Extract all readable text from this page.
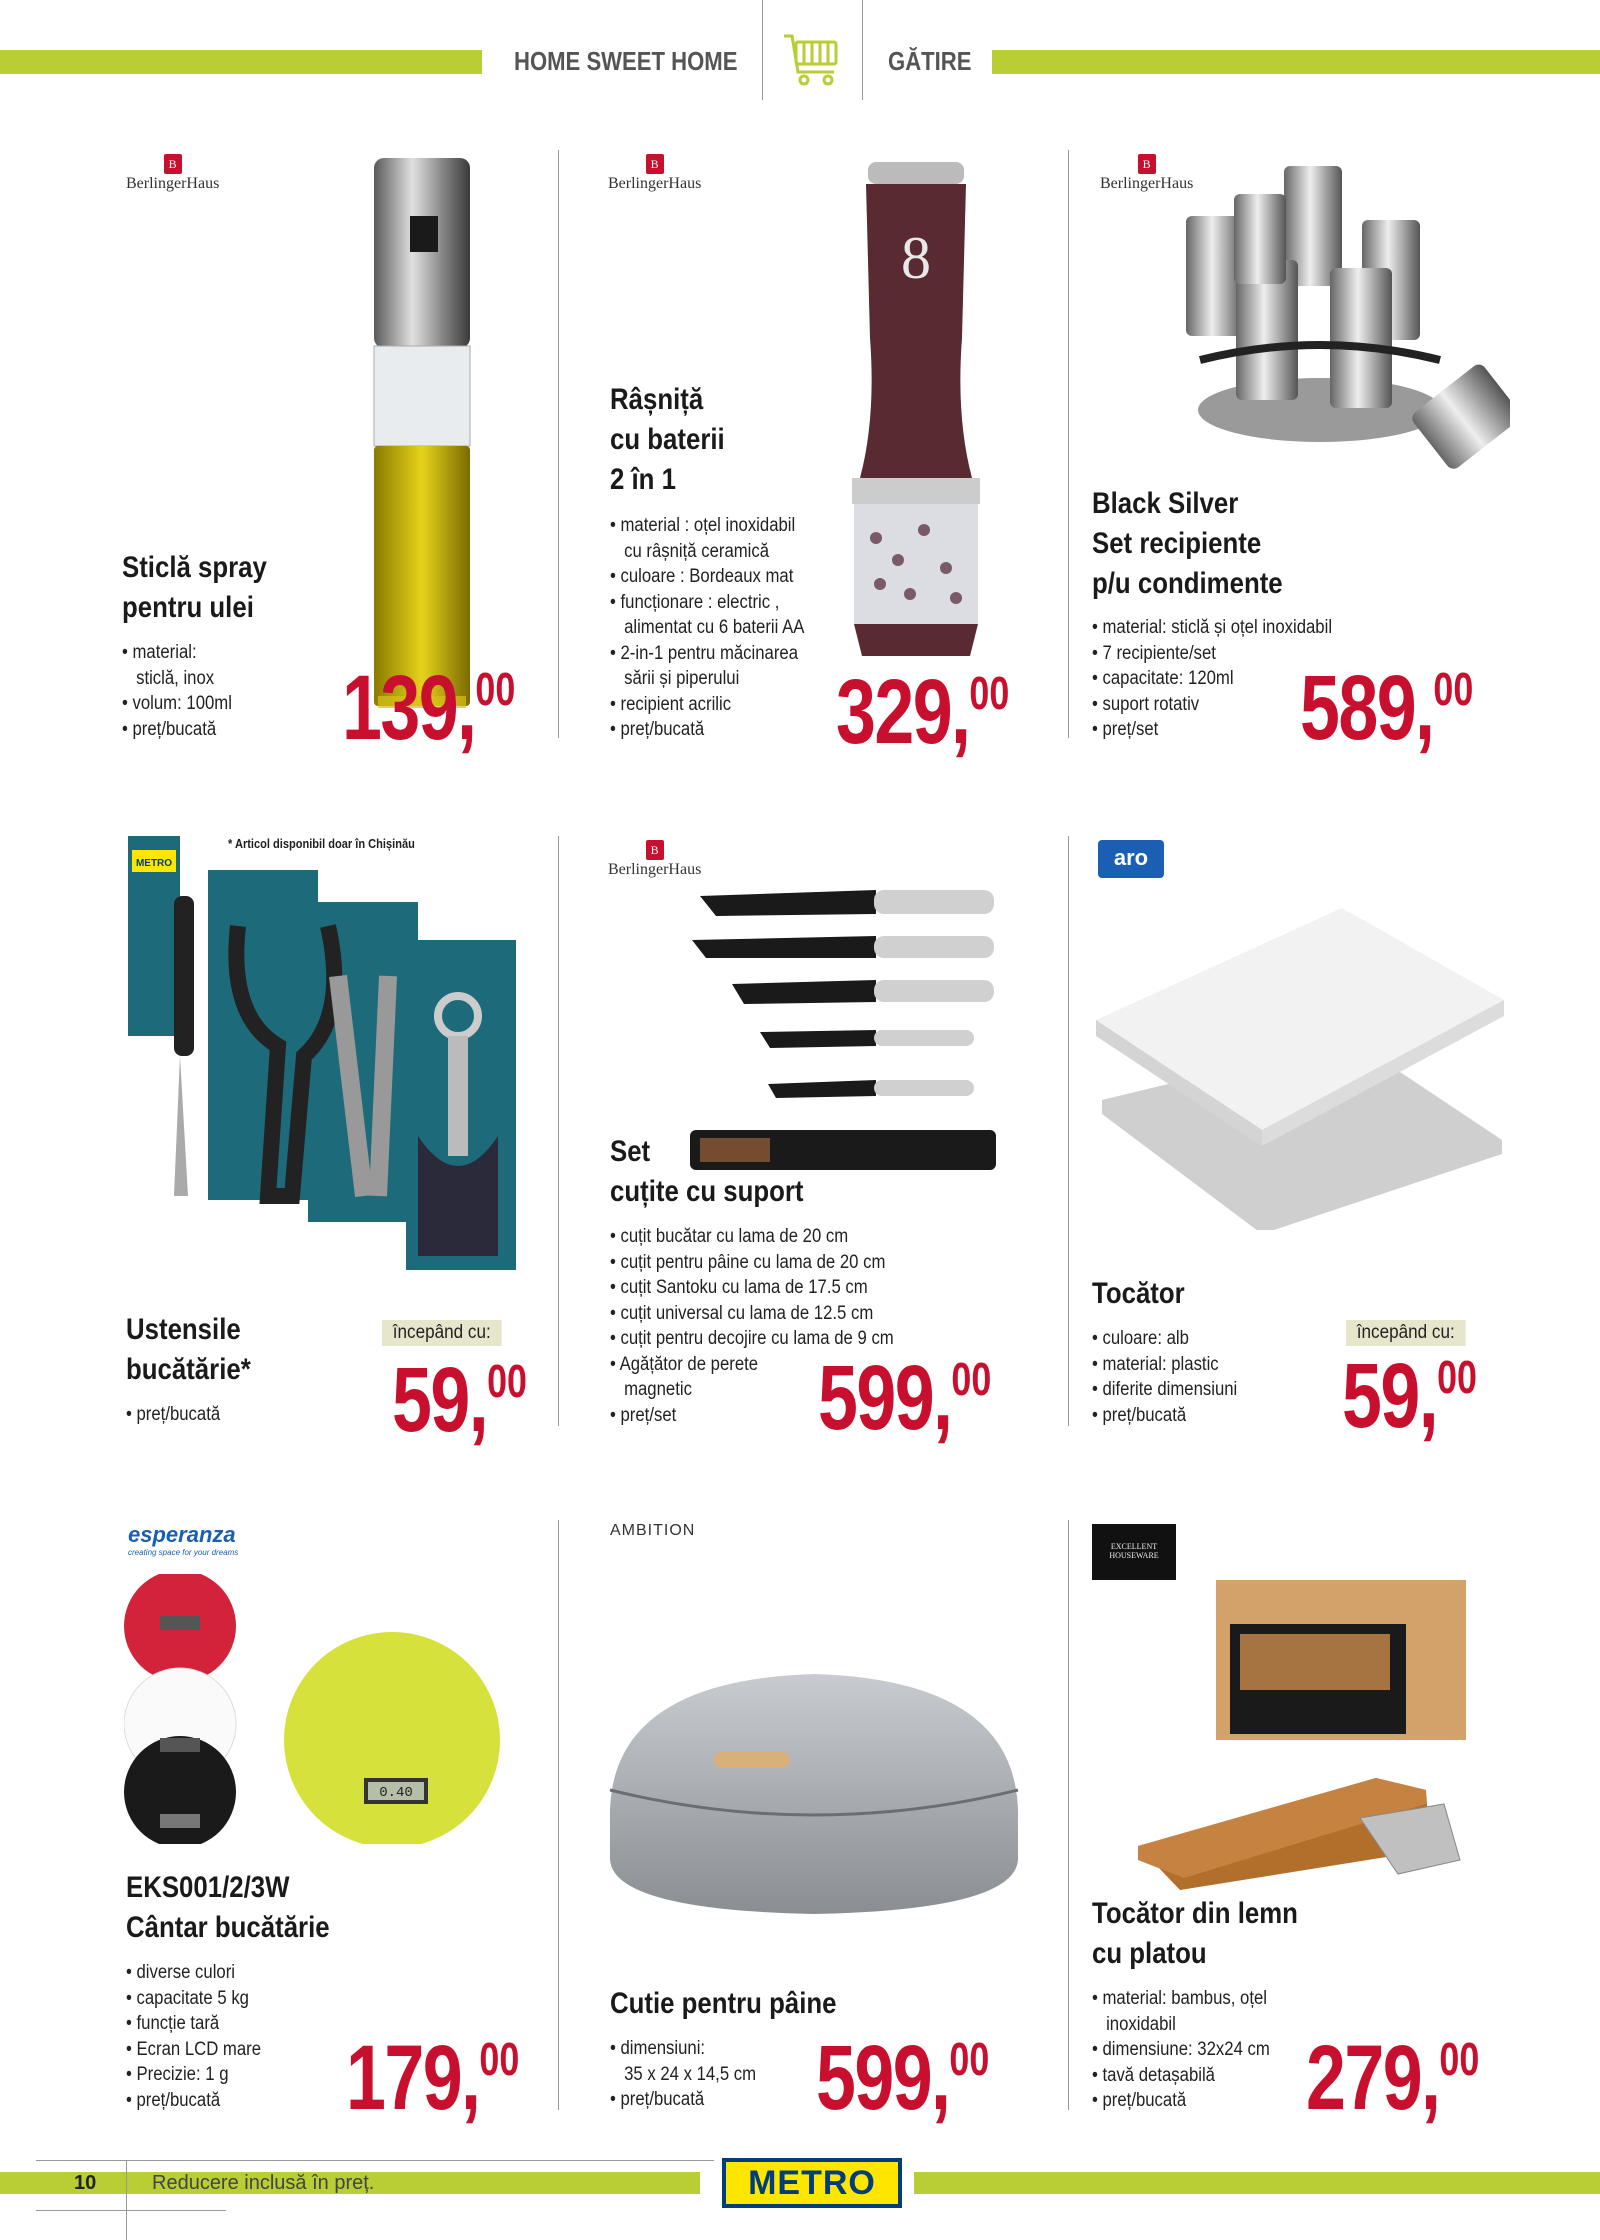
HOME SWEET HOME	GĂTIRE
B
BerlingerHaus
Sticlă spray
pentru ulei
• material:
sticlă, inox
• volum: 100ml
• preț/bucată 139,00
B
BerlingerHaus
8
Râșniță
cu baterii
2 în 1
• material : oțel inoxidabil
cu râșniță ceramică
• culoare : Bordeaux mat
• funcționare : electric ,
alimentat cu 6 baterii AA
• 2-in-1 pentru măcinarea
sării și piperului
• recipient acrilic
• preț/bucată	329,00
B
BerlingerHaus
Black Silver
Set recipiente
p/u condimente
• material: sticlă și oțel inoxidabil
• 7 recipiente/set
• capacitate: 120ml
• suport rotativ
• preț/set	589,00
* Articol disponibil doar în Chișinău
METRO
Ustensile
bucătărie*
• preț/bucată
începând cu:
59,00
B
BerlingerHaus
Set
cuțite cu suport
• cuțit bucătar cu lama de 20 cm
• cuțit pentru pâine cu lama de 20 cm
• cuțit Santoku cu lama de 17.5 cm
• cuțit universal cu lama de 12.5 cm
• cuțit pentru decojire cu lama de 9 cm
• Agățător de perete
magnetic
• preț/set	599,00
aro
Tocător
• culoare: alb
• material: plastic
• diferite dimensiuni
• preț/bucată
începând cu:
59,00
esperanza
creating space for your dreams
0.40
EKS001/2/3W
Cântar bucătărie
• diverse culori
• capacitate 5 kg
• funcție tară
• Ecran LCD mare
• Precizie: 1 g
• preț/bucată	179,00
AMBITION
Cutie pentru pâine
• dimensiuni:
35 x 24 x 14,5 cm
• preț/bucată	599,00
EXCELLENT HOUSEWARE
Tocător din lemn
cu platou
• material: bambus, oțel
inoxidabil
• dimensiune: 32x24 cm
• tavă detașabilă
• preț/bucată	279,00
10	Reducere inclusă în preț.	METRO
